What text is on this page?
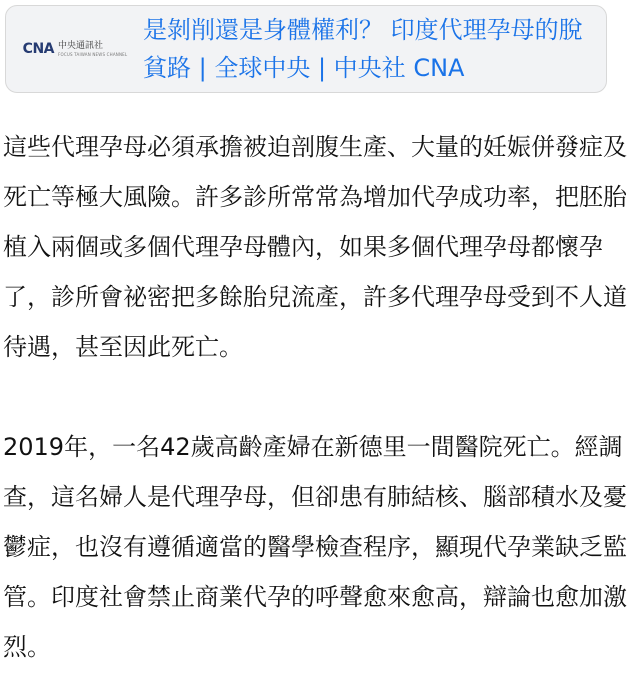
CNA 中央通訊社
FOCUS TAIWAN NEWS CHANNEL
是剝削還是身體權利？ 印度代理孕母的脫貧路 | 全球中央 | 中央社 CNA

這些代理孕母必須承擔被迫剖腹生產、大量的妊娠併發症及死亡等極大風險。許多診所常常為增加代孕成功率，把胚胎植入兩個或多個代理孕母體內，如果多個代理孕母都懷孕了，診所會祕密把多餘胎兒流產，許多代理孕母受到不人道待遇，甚至因此死亡。

2019年，一名42歲高齡產婦在新德里一間醫院死亡。經調查，這名婦人是代理孕母，但卻患有肺結核、腦部積水及憂鬱症，也沒有遵循適當的醫學檢查程序，顯現代孕業缺乏監管。印度社會禁止商業代孕的呼聲愈來愈高，辯論也愈加激烈。
